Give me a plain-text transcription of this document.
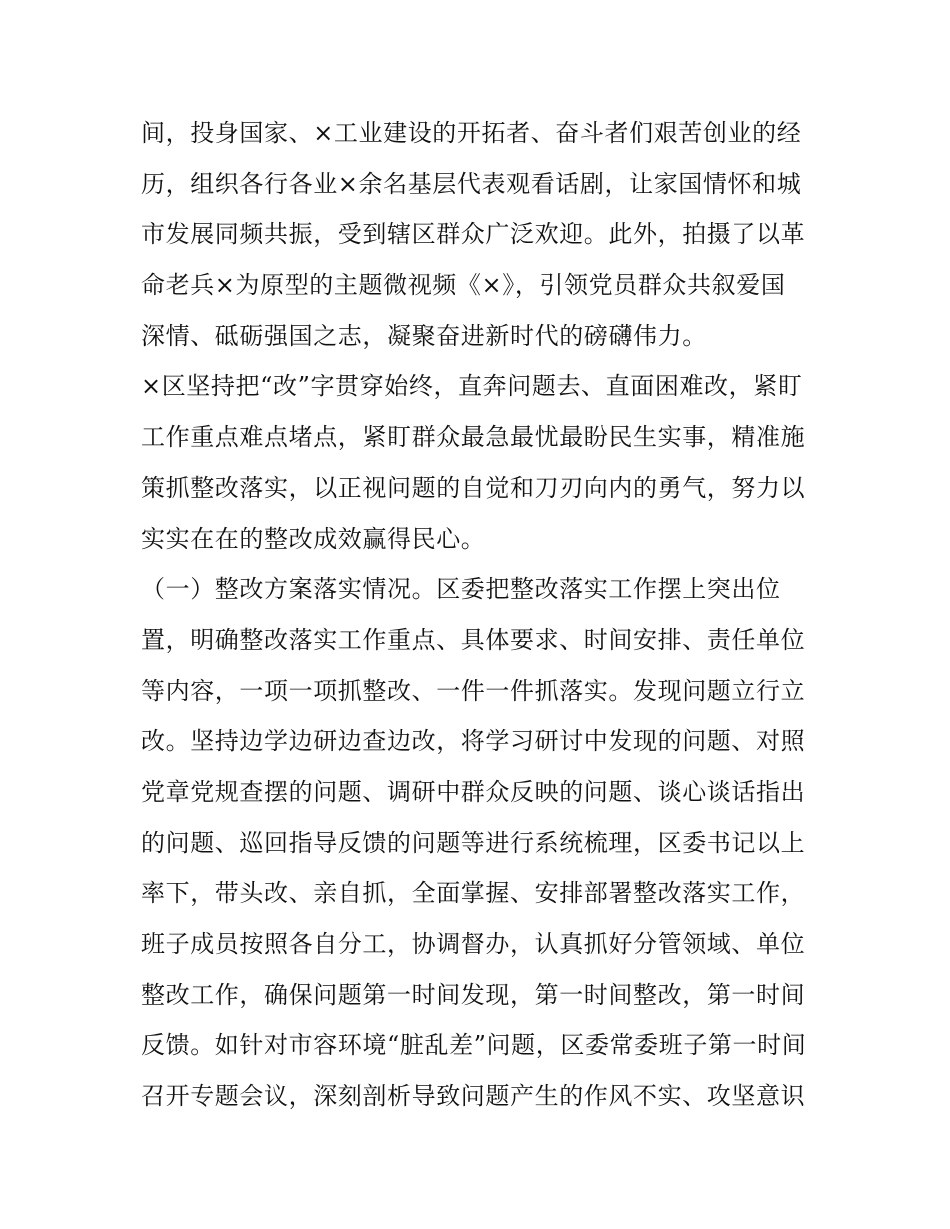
间，投身国家、×工业建设的开拓者、奋斗者们艰苦创业的经
历，组织各行各业×余名基层代表观看话剧，让家国情怀和城
市发展同频共振，受到辖区群众广泛欢迎。此外，拍摄了以革
命老兵×为原型的主题微视频《×》，引领党员群众共叙爱国
深情、砥砺强国之志，凝聚奋进新时代的磅礴伟力。
×区坚持把“改”字贯穿始终，直奔问题去、直面困难改，紧盯
工作重点难点堵点，紧盯群众最急最忧最盼民生实事，精准施
策抓整改落实，以正视问题的自觉和刀刃向内的勇气，努力以
实实在在的整改成效赢得民心。
（一）整改方案落实情况。区委把整改落实工作摆上突出位
置，明确整改落实工作重点、具体要求、时间安排、责任单位
等内容，一项一项抓整改、一件一件抓落实。发现问题立行立
改。坚持边学边研边查边改，将学习研讨中发现的问题、对照
党章党规查摆的问题、调研中群众反映的问题、谈心谈话指出
的问题、巡回指导反馈的问题等进行系统梳理，区委书记以上
率下，带头改、亲自抓，全面掌握、安排部署整改落实工作，
班子成员按照各自分工，协调督办，认真抓好分管领域、单位
整改工作，确保问题第一时间发现，第一时间整改，第一时间
反馈。如针对市容环境“脏乱差”问题，区委常委班子第一时间
召开专题会议，深刻剖析导致问题产生的作风不实、攻坚意识
